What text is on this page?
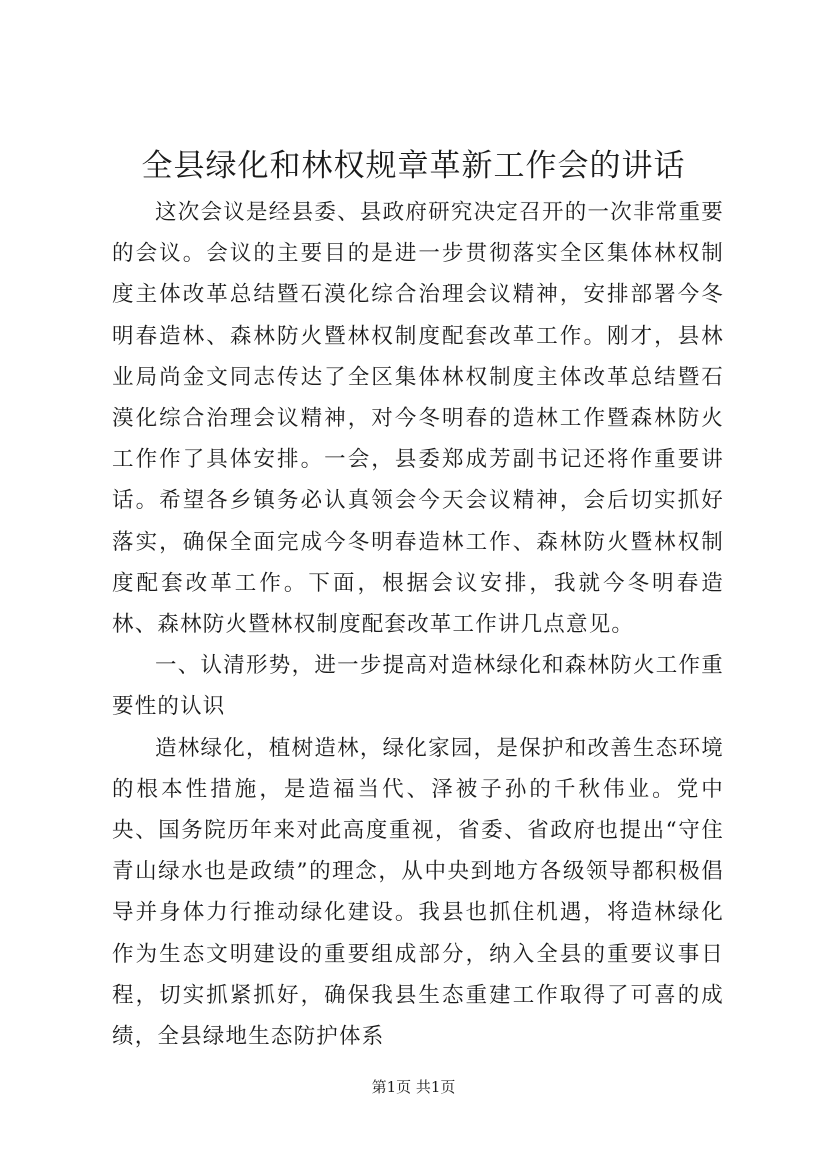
全县绿化和林权规章革新工作会的讲话

这次会议是经县委、县政府研究决定召开的一次非常重要的会议。会议的主要目的是进一步贯彻落实全区集体林权制度主体改革总结暨石漠化综合治理会议精神，安排部署今冬明春造林、森林防火暨林权制度配套改革工作。刚才，县林业局尚金文同志传达了全区集体林权制度主体改革总结暨石漠化综合治理会议精神，对今冬明春的造林工作暨森林防火工作作了具体安排。一会，县委郑成芳副书记还将作重要讲话。希望各乡镇务必认真领会今天会议精神，会后切实抓好落实，确保全面完成今冬明春造林工作、森林防火暨林权制度配套改革工作。下面，根据会议安排，我就今冬明春造林、森林防火暨林权制度配套改革工作讲几点意见。

一、认清形势，进一步提高对造林绿化和森林防火工作重要性的认识

造林绿化，植树造林，绿化家园，是保护和改善生态环境的根本性措施，是造福当代、泽被子孙的千秋伟业。党中央、国务院历年来对此高度重视，省委、省政府也提出“守住青山绿水也是政绩”的理念，从中央到地方各级领导都积极倡导并身体力行推动绿化建设。我县也抓住机遇，将造林绿化作为生态文明建设的重要组成部分，纳入全县的重要议事日程，切实抓紧抓好，确保我县生态重建工作取得了可喜的成绩，全县绿地生态防护体系

第1页 共1页
